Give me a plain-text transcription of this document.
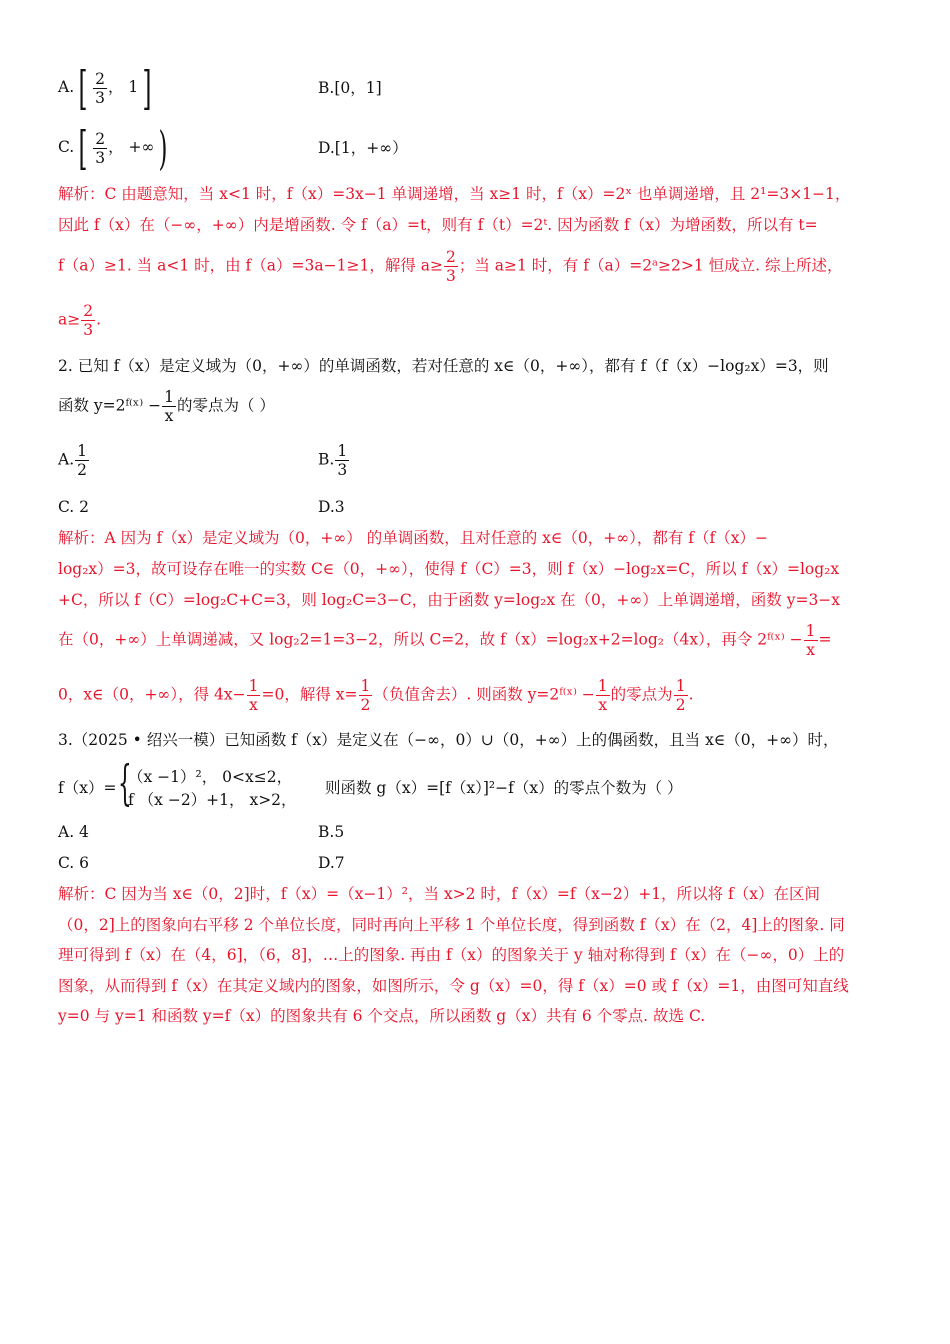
$A.[ \frac{2}{3}$ ， 1]	B.[0，1]
$C.[ \frac{2}{3}$ ， +∞)	D.[1，+∞）
解析：C 由题意知，当 x<1 时，f（x）=3x−1 单调递增，当 x≥1 时，f（x）=2ˣ 也单调递增，且 2¹=3×1−1，
因此 f（x）在（−∞，+∞）内是增函数. 令 f（a）=t，则有 f（t）=2ᵗ. 因为函数 f（x）为增函数，所以有 t=
f（a）≥1. 当 a<1 时，由 f（a）=3a−1≥1，解得 $a\ge \frac{2}{3}$ ；当 a≥1 时，有 f（a）=2ᵃ≥2>1 恒成立. 综上所述，
$a\ge \frac{2}{3}$ .
2. 已知 f（x）是定义域为（0，+∞）的单调函数，若对任意的 x∈（0，+∞），都有 f（f（x）−log₂x）=3，则
函数 y=2ᶠ⁽ˣ⁾ − $\frac{1}{x}$ 的零点为（ ）
A. $\frac{1}{2}$	B. $\frac{1}{3}$
C. 2	D.3
解析：A 因为 f（x）是定义域为（0，+∞） 的单调函数，且对任意的 x∈（0，+∞），都有 f（f（x）−
log₂x）=3，故可设存在唯一的实数 C∈（0，+∞），使得 f（C）=3，则 f（x）−log₂x=C，所以 f（x）=log₂x
+C，所以 f（C）=log₂C+C=3，则 log₂C=3−C，由于函数 y=log₂x 在（0，+∞）上单调递增，函数 y=3−x
在（0，+∞）上单调递减，又 log₂2=1=3−2，所以 C=2，故 f（x）=log₂x+2=log₂（4x），再令 2ᶠ⁽ˣ⁾ − $\frac{1}{x}$ =
0，x∈（0，+∞），得 $4x- \frac{1}{x} =0$，解得 $x= \frac{1}{2}$ （负值舍去）. 则函数 y=2ᶠ⁽ˣ⁾ − $\frac{1}{x}$ 的零点为 $\frac{1}{2}$ .
3.（2025 • 绍兴一模）已知函数 f（x）是定义在（−∞，0）∪（0，+∞）上的偶函数，且当 x∈（0，+∞）时，
f（x）= {
（x −1）²， 0<x≤2，
f （x −2）+1， x>2，
则函数 g（x）=[f（x）]²−f（x）的零点个数为（ ）
A. 4	B.5
C. 6	D.7
解析：C 因为当 x∈（0，2]时，f（x）=（x−1）²，当 x>2 时，f（x）=f（x−2）+1，所以将 f（x）在区间
（0，2]上的图象向右平移 2 个单位长度，同时再向上平移 1 个单位长度，得到函数 f（x）在（2，4]上的图象. 同
理可得到 f（x）在（4，6]，（6，8]，…上的图象. 再由 f（x）的图象关于 y 轴对称得到 f（x）在（−∞，0）上的
图象，从而得到 f（x）在其定义域内的图象，如图所示，令 g（x）=0，得 f（x）=0 或 f（x）=1，由图可知直线
y=0 与 y=1 和函数 y=f（x）的图象共有 6 个交点，所以函数 g（x）共有 6 个零点. 故选 C.
